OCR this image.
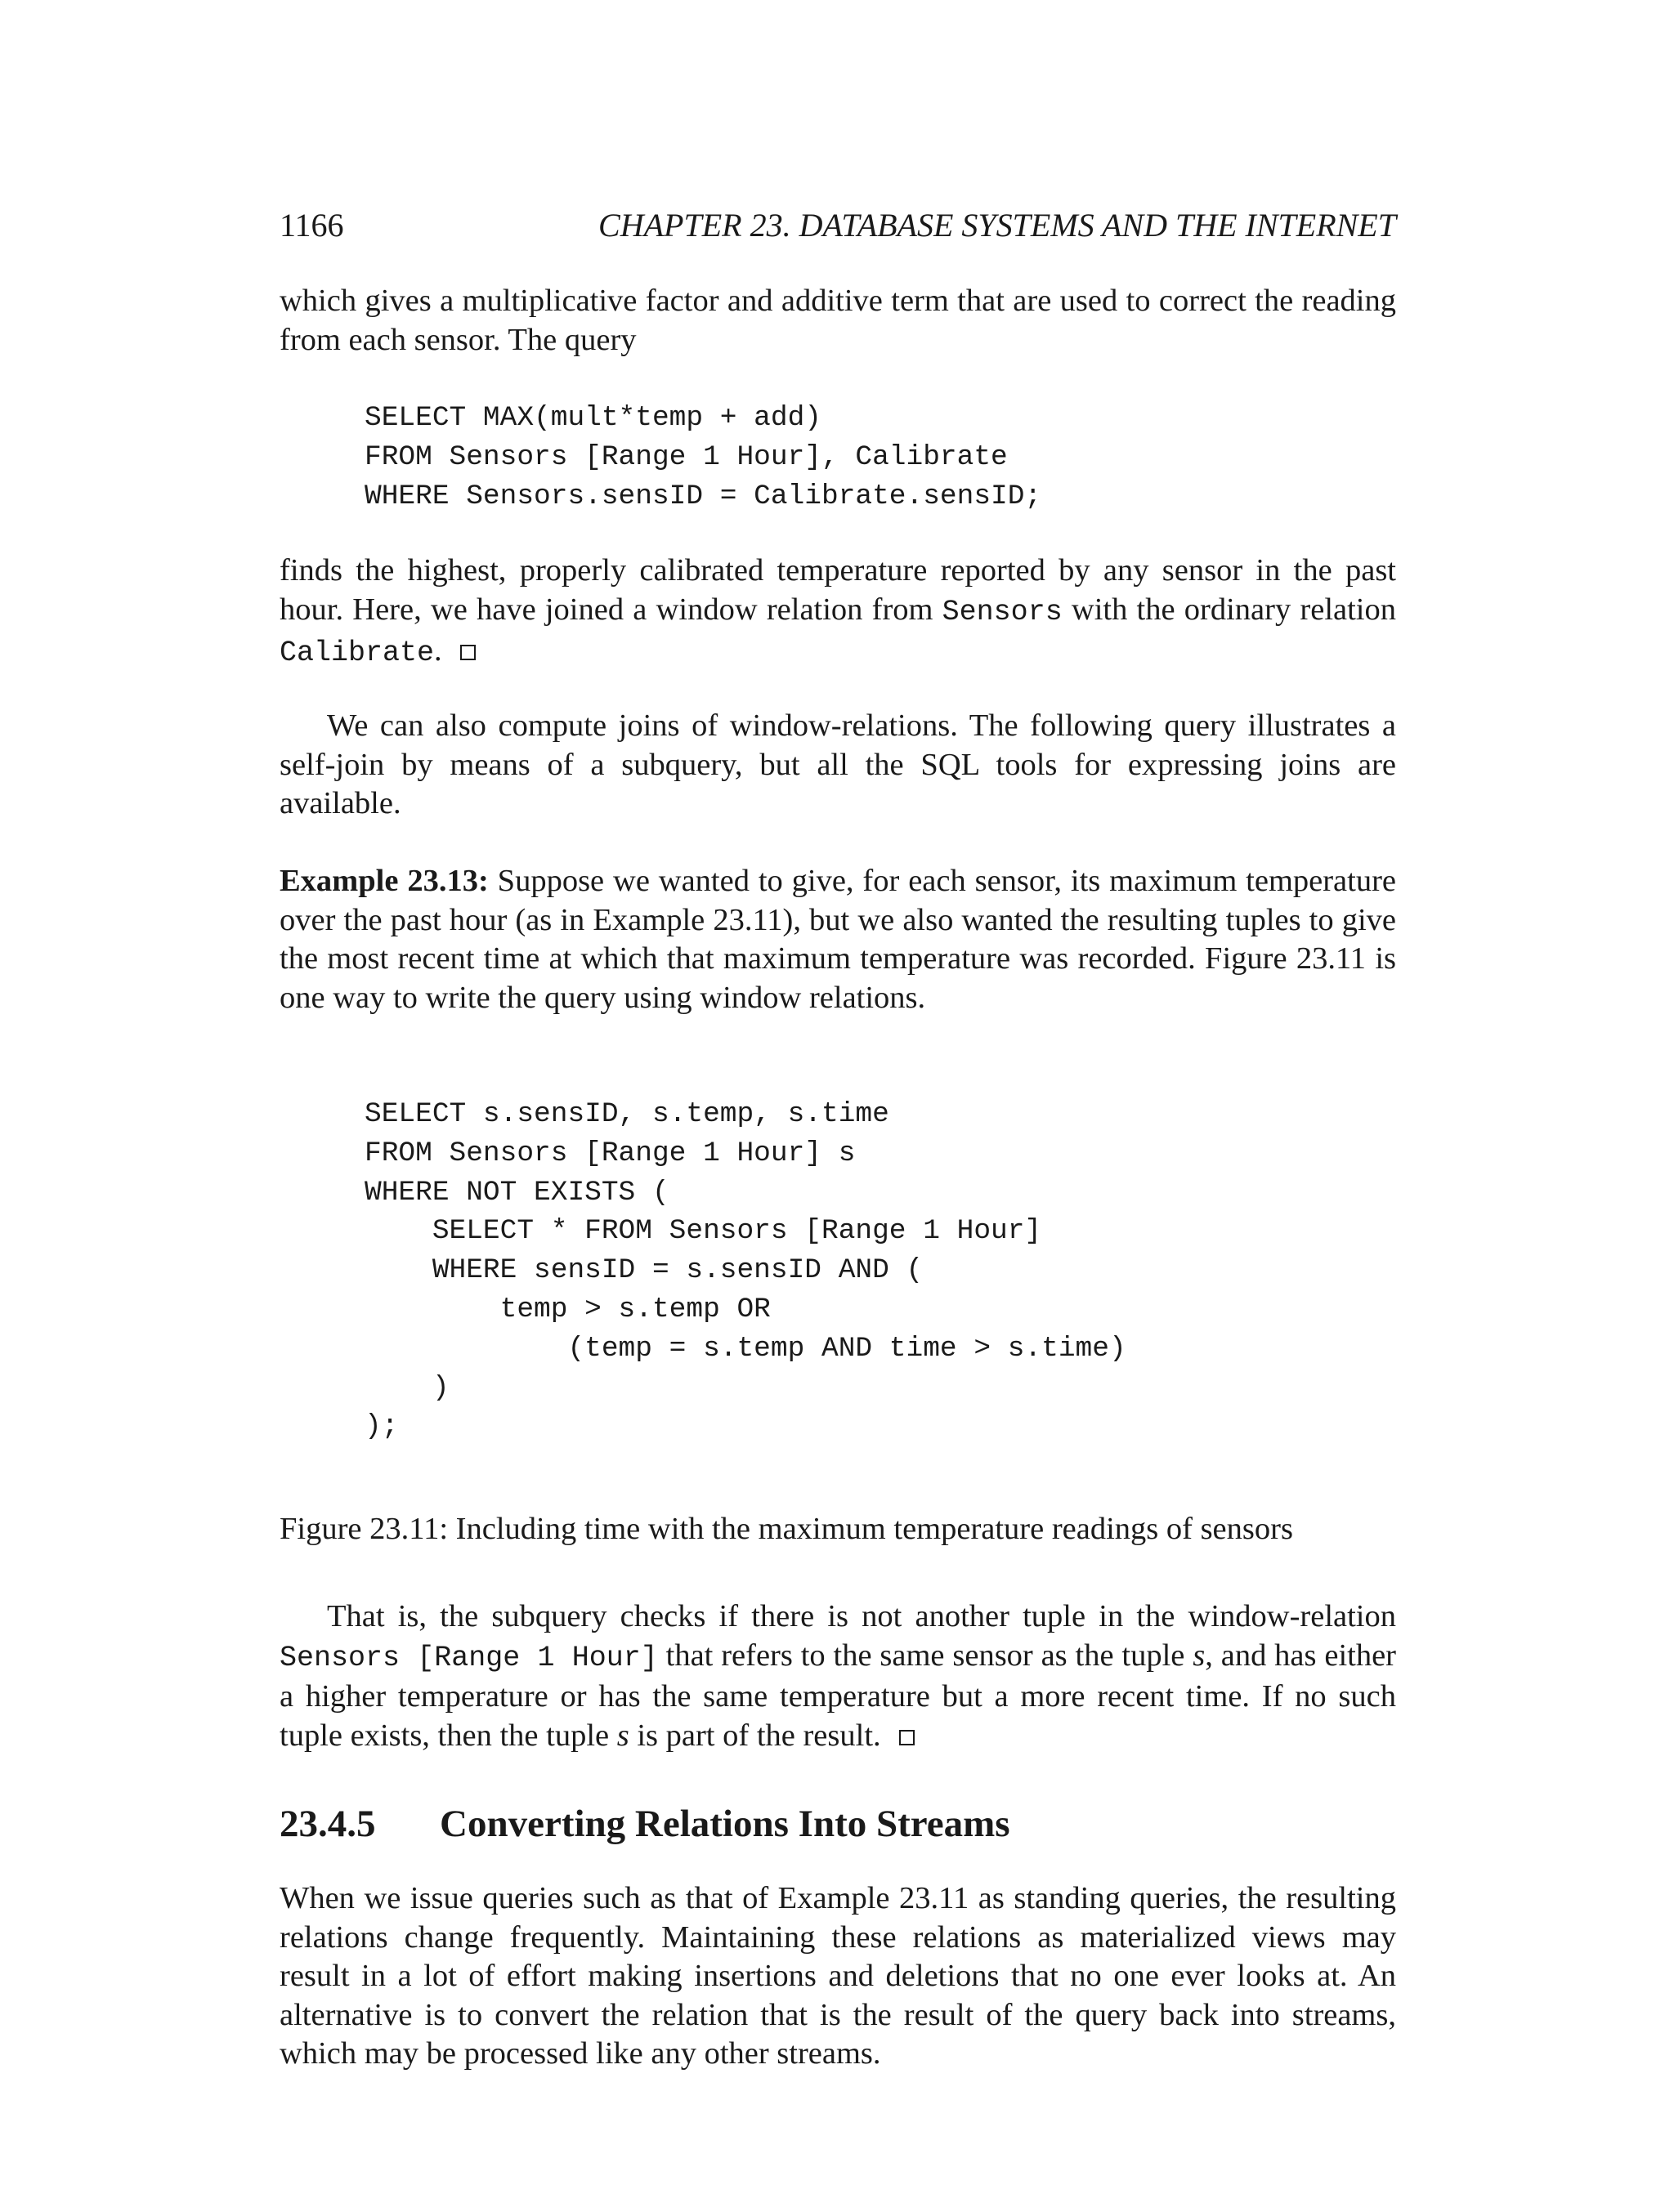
1166	CHAPTER 23. DATABASE SYSTEMS AND THE INTERNET

which gives a multiplicative factor and additive term that are used to correct the reading from each sensor. The query

SELECT MAX(mult*temp + add)
FROM Sensors [Range 1 Hour], Calibrate
WHERE Sensors.sensID = Calibrate.sensID;

finds the highest, properly calibrated temperature reported by any sensor in the past hour. Here, we have joined a window relation from Sensors with the ordinary relation Calibrate.

We can also compute joins of window-relations. The following query illustrates a self-join by means of a subquery, but all the SQL tools for expressing joins are available.

Example 23.13: Suppose we wanted to give, for each sensor, its maximum temperature over the past hour (as in Example 23.11), but we also wanted the resulting tuples to give the most recent time at which that maximum temperature was recorded. Figure 23.11 is one way to write the query using window relations.

SELECT s.sensID, s.temp, s.time
FROM Sensors [Range 1 Hour] s
WHERE NOT EXISTS (
SELECT * FROM Sensors [Range 1 Hour]
WHERE sensID = s.sensID AND (
temp > s.temp OR
(temp = s.temp AND time > s.time)
)
);

Figure 23.11: Including time with the maximum temperature readings of sensors

That is, the subquery checks if there is not another tuple in the window-relation Sensors [Range 1 Hour] that refers to the same sensor as the tuple s, and has either a higher temperature or has the same temperature but a more recent time. If no such tuple exists, then the tuple s is part of the result.

23.4.5 Converting Relations Into Streams

When we issue queries such as that of Example 23.11 as standing queries, the resulting relations change frequently. Maintaining these relations as materialized views may result in a lot of effort making insertions and deletions that no one ever looks at. An alternative is to convert the relation that is the result of the query back into streams, which may be processed like any other streams.
